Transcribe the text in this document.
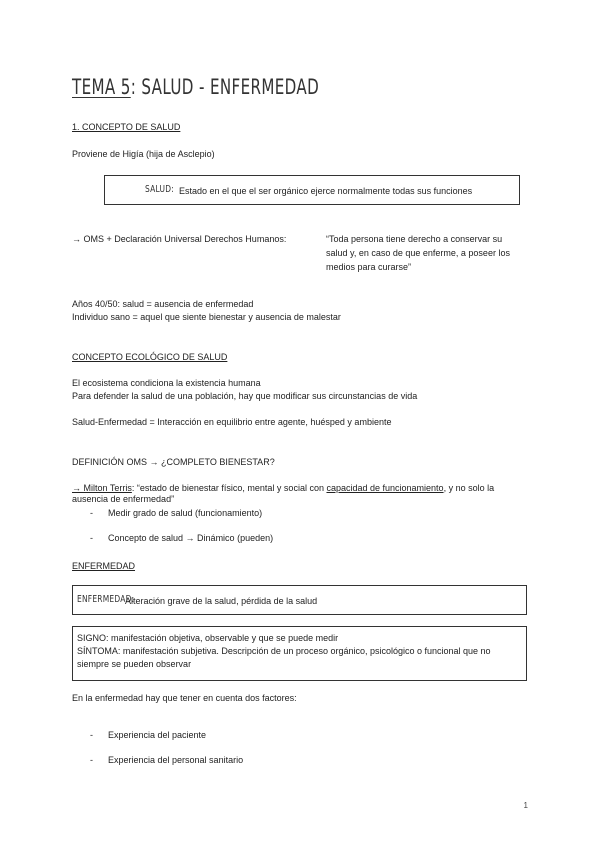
TEMA 5: SALUD - ENFERMEDAD
1. CONCEPTO DE SALUD
Proviene de Higía (hija de Asclepio)
SALUD: Estado en el que el ser orgánico ejerce normalmente todas sus funciones
→ OMS + Declaración Universal Derechos Humanos:	“Toda persona tiene derecho a conservar su
salud y, en caso de que enferme, a poseer los
medios para curarse”
Años 40/50: salud = ausencia de enfermedad
Individuo sano = aquel que siente bienestar y ausencia de malestar
CONCEPTO ECOLÓGICO DE SALUD
El ecosistema condiciona la existencia humana
Para defender la salud de una población, hay que modificar sus circunstancias de vida
Salud-Enfermedad = Interacción en equilibrio entre agente, huésped y ambiente
DEFINICIÓN OMS → ¿COMPLETO BIENESTAR?
→ Milton Terris: “estado de bienestar físico, mental y social con capacidad de funcionamiento, y no solo la
ausencia de enfermedad”
- Medir grado de salud (funcionamiento)
- Concepto de salud → Dinámico (pueden)
ENFERMEDAD
ENFERMEDAD:
Alteración grave de la salud, pérdida de la salud
SIGNO: manifestación objetiva, observable y que se puede medir
SÍNTOMA: manifestación subjetiva. Descripción de un proceso orgánico, psicológico o funcional que no
siempre se pueden observar
En la enfermedad hay que tener en cuenta dos factores:
- Experiencia del paciente
- Experiencia del personal sanitario
1
